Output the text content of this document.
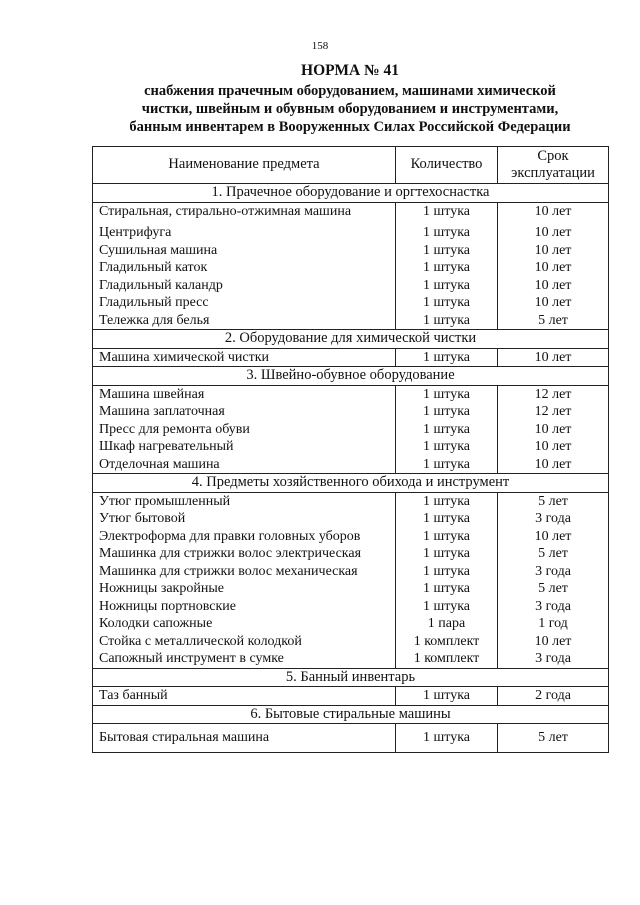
158
НОРМА № 41
снабжения прачечным оборудованием, машинами химической
чистки, швейным и обувным оборудованием и инструментами,
банным инвентарем в Вооруженных Силах Российской Федерации
Наименование предмета	Количество	Срок
эксплуатации

1. Прачечное оборудование и оргтехоснастка		
Стиральная, стирально-отжимная машина	1 штука	10 лет
Центрифуга	1 штука	10 лет
Сушильная машина	1 штука	10 лет
Гладильный каток	1 штука	10 лет
Гладильный каландр	1 штука	10 лет
Гладильный пресс	1 штука	10 лет
Тележка для белья	1 штука	5 лет
2. Оборудование для химической чистки		
Машина химической чистки	1 штука	10 лет
3. Швейно-обувное оборудование		
Машина швейная	1 штука	12 лет
Машина заплаточная	1 штука	12 лет
Пресс для ремонта обуви	1 штука	10 лет
Шкаф нагревательный	1 штука	10 лет
Отделочная машина	1 штука	10 лет
4. Предметы хозяйственного обихода и инструмент		
Утюг промышленный	1 штука	5 лет
Утюг бытовой	1 штука	3 года
Электроформа для правки головных уборов	1 штука	10 лет
Машинка для стрижки волос электрическая	1 штука	5 лет
Машинка для стрижки волос механическая	1 штука	3 года
Ножницы закройные	1 штука	5 лет
Ножницы портновские	1 штука	3 года
Колодки сапожные	1 пара	1 год
Стойка с металлической колодкой	1 комплект	10 лет
Сапожный инструмент в сумке	1 комплект	3 года
5. Банный инвентарь		
Таз банный	1 штука	2 года
6. Бытовые стиральные машины		
Бытовая стиральная машина	1 штука	5 лет
